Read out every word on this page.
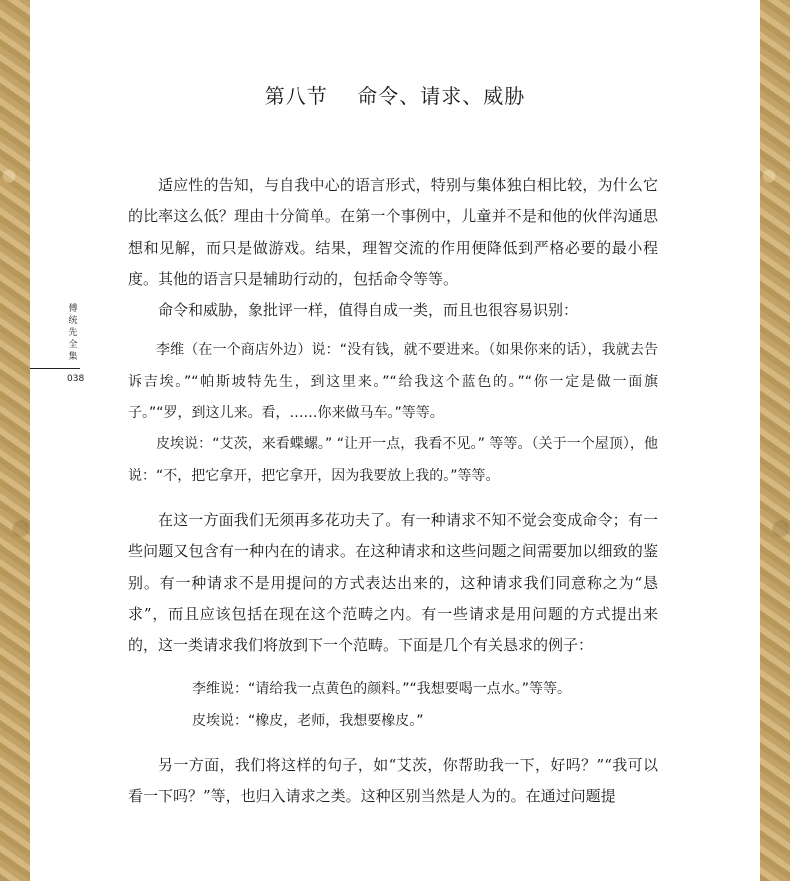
第八节    命令、请求、威胁
傅统先全集
038

适应性的告知，与自我中心的语言形式，特别与集体独白相比较，为什么它的比率这么低？理由十分简单。在第一个事例中，儿童并不是和他的伙伴沟通思想和见解，而只是做游戏。结果，理智交流的作用便降低到严格必要的最小程度。其他的语言只是辅助行动的，包括命令等等。

命令和威胁，象批评一样，值得自成一类，而且也很容易识别：

李维（在一个商店外边）说：“没有钱，就不要进来。（如果你来的话），我就去告诉吉埃。”“帕斯坡特先生，到这里来。”“给我这个蓝色的。”“你一定是做一面旗子。”“罗，到这儿来。看，……你来做马车。”等等。

皮埃说：“艾茨，来看蝶螺。” “让开一点，我看不见。” 等等。（关于一个屋顶），他说：“不，把它拿开，把它拿开，因为我要放上我的。”等等。

在这一方面我们无须再多花功夫了。有一种请求不知不觉会变成命令；有一些问题又包含有一种内在的请求。在这种请求和这些问题之间需要加以细致的鉴别。有一种请求不是用提问的方式表达出来的，这种请求我们同意称之为“恳求”，而且应该包括在现在这个范畴之内。有一些请求是用问题的方式提出来的，这一类请求我们将放到下一个范畴。下面是几个有关恳求的例子：

李维说：“请给我一点黄色的颜料。”“我想要喝一点水。”等等。

皮埃说：“橡皮，老师，我想要橡皮。”

另一方面，我们将这样的句子，如“艾茨，你帮助我一下，好吗？”“我可以看一下吗？”等，也归入请求之类。这种区别当然是人为的。在通过问题提
